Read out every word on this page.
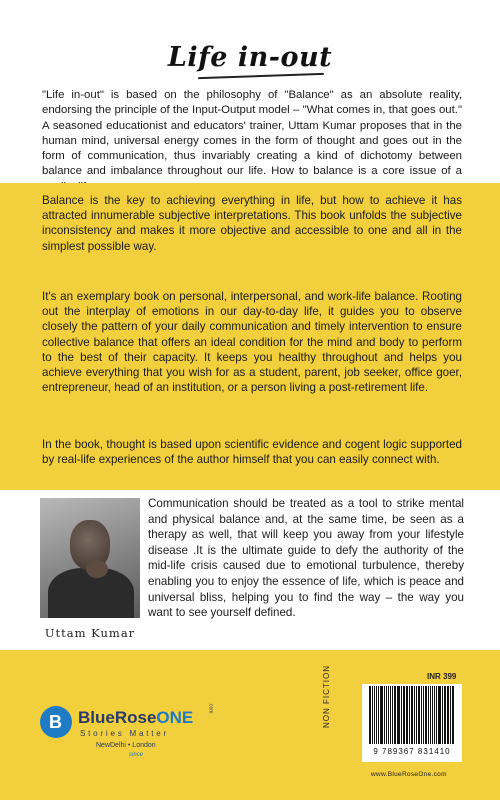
Life in-out
"Life in-out" is based on the philosophy of "Balance" as an absolute reality, endorsing the principle of the Input-Output model – "What comes in, that goes out." A seasoned educationist and educators' trainer, Uttam Kumar proposes that in the human mind, universal energy comes in the form of thought and goes out in the form of communication, thus invariably creating a kind of dichotomy between balance and imbalance throughout our life. How to balance is a core issue of a
Balance is the key to achieving everything in life, but how to achieve it has attracted innumerable subjective interpretations. This book unfolds the subjective inconsistency and makes it more objective and accessible to one and all in the simplest possible way.
It's an exemplary book on personal, interpersonal, and work-life balance. Rooting out the interplay of emotions in our day-to-day life, it guides you to observe closely the pattern of your daily communication and timely intervention to ensure collective balance that offers an ideal condition for the mind and body to perform to the best of their capacity. It keeps you healthy throughout and helps you achieve everything that you wish for as a student, parent, job seeker, office goer, entrepreneur, head of an institution, or a person living a post-retirement life.
In the book, thought is based upon scientific evidence and cogent logic supported by real-life experiences of the author himself that you can easily connect with.
Uttam Kumar
Communication should be treated as a tool to strike mental and physical balance and, at the same time, be seen as a therapy as well, that will keep you away from your lifestyle disease .It is the ultimate guide to defy the authority of the mid-life crisis caused due to emotional turbulence, thereby enabling you to enjoy the essence of life, which is peace and universal bliss, helping you to find the way – the way you want to see yourself defined.
B BlueRoseONE	.com
Stories Matter
NewDelhi • London
since
INR 399
NON FICTION
9 789367 831410
www.BlueRoseOne.com
